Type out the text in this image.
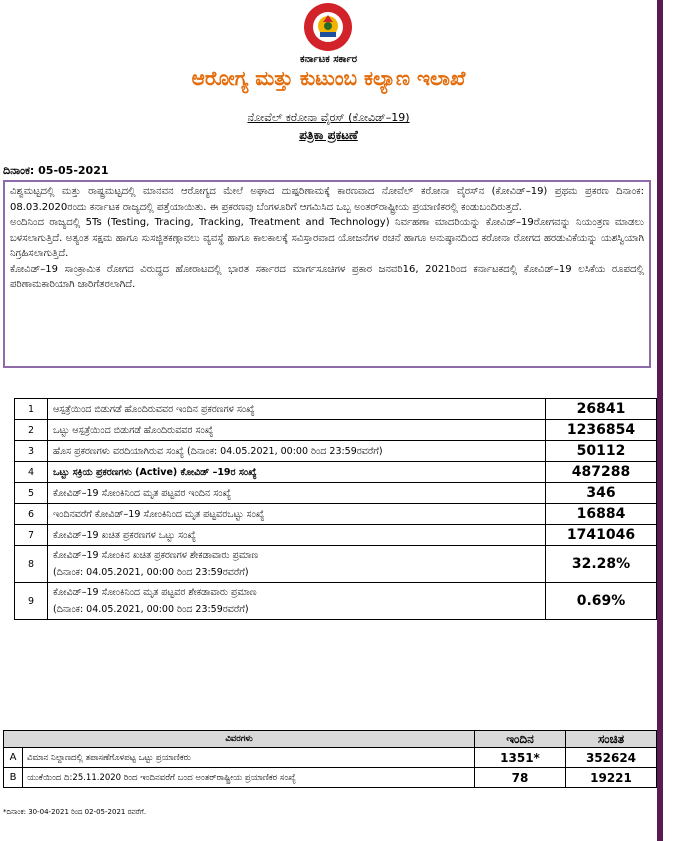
ಕರ್ನಾಟಕ ಸರ್ಕಾರ
ಆರೋಗ್ಯ ಮತ್ತು ಕುಟುಂಬ ಕಲ್ಯಾಣ ಇಲಾಖೆ
ನೋವೆಲ್ ಕರೋನಾ ವೈರಸ್ (ಕೋವಿಡ್–19)
ಪತ್ರಿಕಾ ಪ್ರಕಟಣೆ
ದಿನಾಂಕ: 05-05-2021

ವಿಶ್ವಮಟ್ಟದಲ್ಲಿ ಮತ್ತು ರಾಷ್ಟ್ರಮಟ್ಟದಲ್ಲಿ ಮಾನವನ ಆರೋಗ್ಯದ ಮೇಲೆ ಅಘಾದ ದುಷ್ಪರಿಣಾಮಕ್ಕೆ ಕಾರಣವಾದ ನೋವೆಲ್ ಕರೋನಾ ವೈರಸ್‌ನ (ಕೋವಿಡ್–19) ಪ್ರಥಮ ಪ್ರಕರಣ ದಿನಾಂಕ: 08.03.2020ರಂದು ಕರ್ನಾಟಕ ರಾಜ್ಯದಲ್ಲಿ ಪತ್ತೆಯಾಯಿತು. ಈ ಪ್ರಕರಣವು ಬೆಂಗಳೂರಿಗೆ ಆಗಮಿಸಿದ ಒಬ್ಬ ಅಂತರ್‌ರಾಷ್ಟ್ರೀಯ ಪ್ರಯಾಣಿಕರಲ್ಲಿ ಕಂಡುಬಂದಿರುತ್ತದೆ.

ಅಂದಿನಿಂದ ರಾಜ್ಯದಲ್ಲಿ 5Ts (Testing, Tracing, Tracking, Treatment and Technology) ನಿರ್ವಹಣಾ ಮಾದರಿಯನ್ನು ಕೋವಿಡ್–19ರೋಗವನ್ನು ನಿಯಂತ್ರಣ ಮಾಡಲು ಬಳಸಲಾಗುತ್ತಿದೆ. ಅತ್ಯಂತ ಸಕ್ಷಮ ಹಾಗೂ ಸುಸಜ್ಜಿತಕಣ್ಗಾವಲು ವ್ಯವಸ್ಥೆ ಹಾಗೂ ಕಾಲಕಾಲಕ್ಕೆ ಸವಿಸ್ತಾರವಾದ ಯೋಜನೆಗಳ ರಚನೆ ಹಾಗೂ ಅನುಷ್ಠಾನದಿಂದ ಕರೋನಾ ರೋಗದ ಹರಡುವಿಕೆಯನ್ನು ಯಶಸ್ವಿಯಾಗಿ ನಿಗ್ರಹಿಸಲಾಗುತ್ತಿದೆ.

ಕೋವಿಡ್–19 ಸಾಂಕ್ರಾಮಿಕ ರೋಗದ ವಿರುದ್ಧದ ಹೋರಾಟದಲ್ಲಿ ಭಾರತ ಸರ್ಕಾರದ ಮಾರ್ಗಸೂಚಿಗಳ ಪ್ರಕಾರ ಜನವರಿ16, 2021ರಿಂದ ಕರ್ನಾಟಕದಲ್ಲಿ ಕೋವಿಡ್–19 ಲಸಿಕೆಯ ರೂಪದಲ್ಲಿ ಪರಿಣಾಮಕಾರಿಯಾಗಿ ಜಾರಿಗೆತರಲಾಗಿದೆ.

1	ಆಸ್ಪತ್ರೆಯಿಂದ ಬಿಡುಗಡೆ ಹೊಂದಿರುವವರ ಇಂದಿನ ಪ್ರಕರಣಗಳ ಸಂಖ್ಯೆ	26841
2	ಒಟ್ಟು ಆಸ್ಪತ್ರೆಯಿಂದ ಬಿಡುಗಡೆ ಹೊಂದಿರುವವರ ಸಂಖ್ಯೆ	1236854
3	ಹೊಸ ಪ್ರಕರಣಗಳು ವರದಿಯಾಗಿರುವ ಸಂಖ್ಯೆ (ದಿನಾಂಕ: 04.05.2021, 00:00 ರಿಂದ 23:59ರವರೆಗೆ)	50112
4	ಒಟ್ಟು ಸಕ್ರಿಯ ಪ್ರಕರಣಗಳು (Active) ಕೋವಿಡ್ –19ರ ಸಂಖ್ಯೆ	487288
5	ಕೋವಿಡ್–19 ಸೋಂಕಿನಿಂದ ಮೃತ ಪಟ್ಟವರ ಇಂದಿನ ಸಂಖ್ಯೆ	346
6	ಇಂದಿನವರೆಗೆ ಕೋವಿಡ್–19 ಸೋಂಕಿನಿಂದ ಮೃತ ಪಟ್ಟವರಒಟ್ಟು ಸಂಖ್ಯೆ	16884
7	ಕೋವಿಡ್–19 ಖಚಿತ ಪ್ರಕರಣಗಳ ಒಟ್ಟು ಸಂಖ್ಯೆ	1741046
8	ಕೋವಿಡ್–19 ಸೋಂಕಿನ ಖಚಿತ ಪ್ರಕರಣಗಳ ಶೇಕಡಾವಾರು ಪ್ರಮಾಣ
(ದಿನಾಂಕ: 04.05.2021, 00:00 ರಿಂದ 23:59ರವರೆಗೆ)	32.28%
9	ಕೋವಿಡ್–19 ಸೋಂಕಿನಿಂದ ಮೃತ ಪಟ್ಟವರ ಶೇಕಡಾವಾರು ಪ್ರಮಾಣ
(ದಿನಾಂಕ: 04.05.2021, 00:00 ರಿಂದ 23:59ರವರೆಗೆ)	0.69%
ವಿವರಗಳು		ಇಂದಿನ	ಸಂಚಿತ
A	ವಿಮಾನ ನಿಲ್ದಾಣದಲ್ಲಿ ತಪಾಸಣೆಗೊಳಪಟ್ಟ ಒಟ್ಟು ಪ್ರಯಾಣಿಕರು	1351*	352624
B	ಯುಕೆಯಿಂದ ದಿ:25.11.2020 ರಿಂದ ಇಂದಿನವರೆಗೆ ಬಂದ ಅಂತರ್‌ರಾಷ್ಟ್ರೀಯ ಪ್ರಯಾಣಿಕರ ಸಂಖ್ಯೆ	78	19221
*ದಿನಾಂಕ: 30-04-2021 ರಿಂದ 02-05-2021 ರವರೆಗೆ.
